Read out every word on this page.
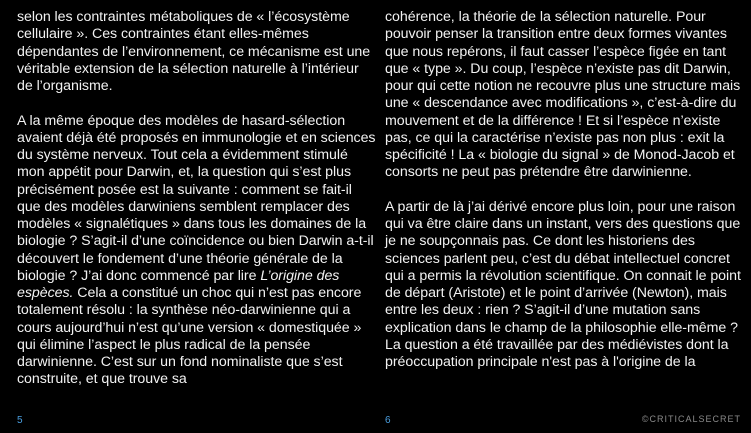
selon les contraintes métaboliques de « l’écosystème cellulaire ». Ces contraintes étant elles-mêmes dépendantes de l’environnement, ce mécanisme est une véritable extension de la sélection naturelle à l’intérieur de l’organisme.

A la même époque des modèles de hasard-sélection avaient déjà été proposés en immunologie et en sciences du système nerveux. Tout cela a évidemment stimulé mon appétit pour Darwin, et, la question qui s’est plus précisément posée est la suivante : comment se fait-il que des modèles darwiniens semblent remplacer des modèles « signalétiques » dans tous les domaines de la biologie ? S’agit-il d’une coïncidence ou bien Darwin a-t-il découvert le fondement d’une théorie générale de la biologie ? J’ai donc commencé par lire L’origine des espèces. Cela a constitué un choc qui n’est pas encore totalement résolu : la synthèse néo-darwinienne qui a cours aujourd’hui n’est qu’une version « domestiquée » qui élimine l’aspect le plus radical de la pensée darwinienne. C’est sur un fond nominaliste que s’est construite, et que trouve sa

cohérence, la théorie de la sélection naturelle. Pour pouvoir penser la transition entre deux formes vivantes que nous repérons, il faut casser l’espèce figée en tant que « type ». Du coup, l’espèce n’existe pas dit Darwin, pour qui cette notion ne recouvre plus une structure mais une « descendance avec modifications », c’est-à-dire du mouvement et de la différence ! Et si l’espèce n’existe pas, ce qui la caractérise n’existe pas non plus : exit la spécificité ! La « biologie du signal » de Monod-Jacob et consorts ne peut pas prétendre être darwinienne.

A partir de là j’ai dérivé encore plus loin, pour une raison qui va être claire dans un instant, vers des questions que je ne soupçonnais pas. Ce dont les historiens des sciences parlent peu, c’est du débat intellectuel concret qui a permis la révolution scientifique. On connait le point de départ (Aristote) et le point d’arrivée (Newton), mais entre les deux : rien ? S’agit-il d’une mutation sans explication dans le champ de la philosophie elle-même ? La question a été travaillée par des médiévistes dont la préoccupation principale n'est pas à l'origine de la

5	6	©CRITICALSECRET
